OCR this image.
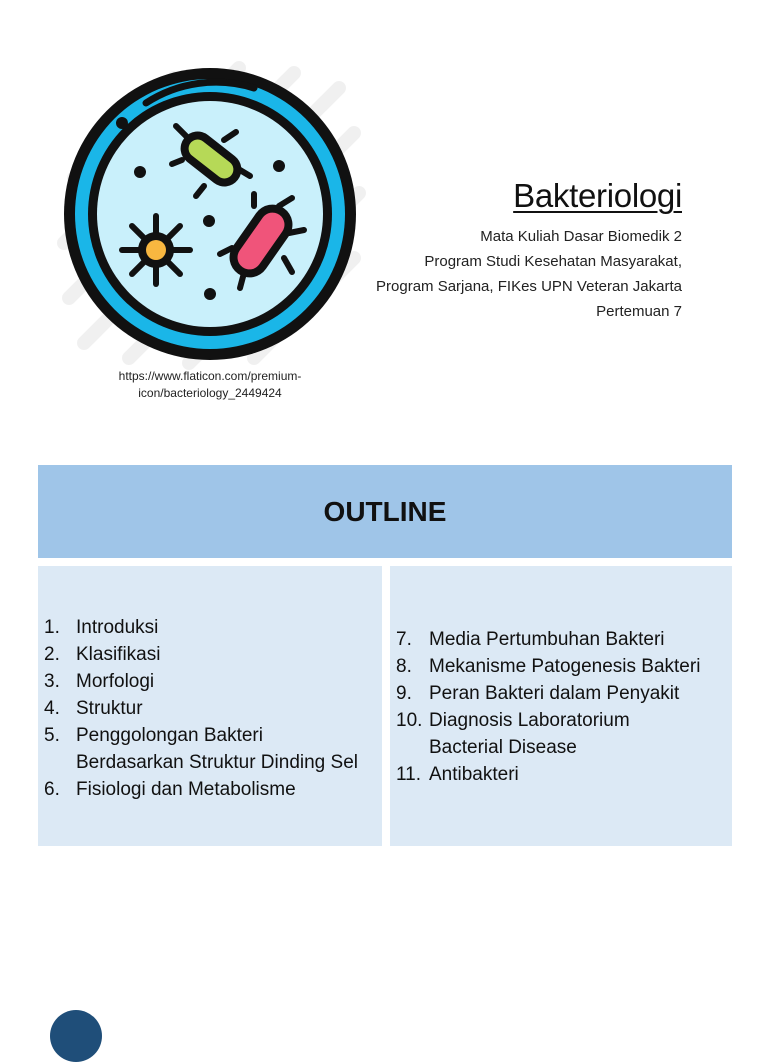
https://www.flaticon.com/premium-
icon/bacteriology_2449424
Bakteriologi
Mata Kuliah Dasar Biomedik 2
Program Studi Kesehatan Masyarakat,
Program Sarjana, FIKes UPN Veteran Jakarta
Pertemuan 7
OUTLINE
1. Introduksi
2. Klasifikasi
3. Morfologi
4. Struktur
5. Penggolongan Bakteri
Berdasarkan Struktur Dinding Sel
6. Fisiologi dan Metabolisme
7. Media Pertumbuhan Bakteri
8. Mekanisme Patogenesis Bakteri
9. Peran Bakteri dalam Penyakit
10. Diagnosis Laboratorium
Bacterial Disease
11. Antibakteri
